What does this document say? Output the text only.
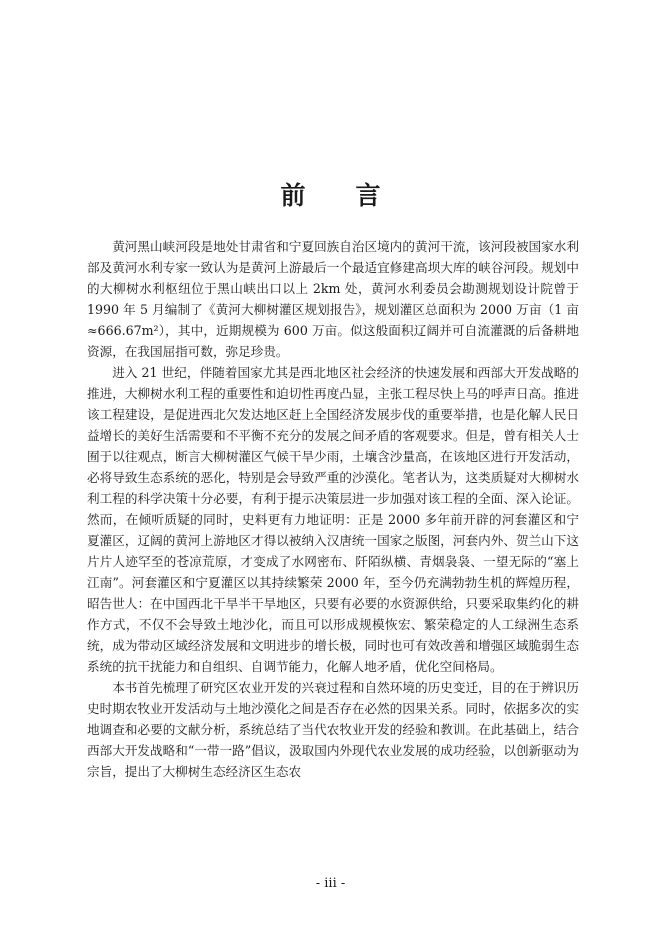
前言

黄河黑山峡河段是地处甘肃省和宁夏回族自治区境内的黄河干流，该河段被国家水利部及黄河水利专家一致认为是黄河上游最后一个最适宜修建高坝大库的峡谷河段。规划中的大柳树水利枢纽位于黑山峡出口以上 2km 处，黄河水利委员会勘测规划设计院曾于 1990 年 5 月编制了《黄河大柳树灌区规划报告》，规划灌区总面积为 2000 万亩（1 亩≈666.67m²），其中，近期规模为 600 万亩。似这般面积辽阔并可自流灌溉的后备耕地资源，在我国屈指可数，弥足珍贵。

进入 21 世纪，伴随着国家尤其是西北地区社会经济的快速发展和西部大开发战略的推进，大柳树水利工程的重要性和迫切性再度凸显，主张工程尽快上马的呼声日高。推进该工程建设，是促进西北欠发达地区赶上全国经济发展步伐的重要举措，也是化解人民日益增长的美好生活需要和不平衡不充分的发展之间矛盾的客观要求。但是，曾有相关人士囿于以往观点，断言大柳树灌区气候干旱少雨，土壤含沙量高，在该地区进行开发活动，必将导致生态系统的恶化，特别是会导致严重的沙漠化。笔者认为，这类质疑对大柳树水利工程的科学决策十分必要，有利于提示决策层进一步加强对该工程的全面、深入论证。然而，在倾听质疑的同时，史料更有力地证明：正是 2000 多年前开辟的河套灌区和宁夏灌区，辽阔的黄河上游地区才得以被纳入汉唐统一国家之版图，河套内外、贺兰山下这片片人迹罕至的苍凉荒原，才变成了水网密布、阡陌纵横、青烟袅袅、一望无际的“塞上江南”。河套灌区和宁夏灌区以其持续繁荣 2000 年，至今仍充满勃勃生机的辉煌历程，昭告世人：在中国西北干旱半干旱地区，只要有必要的水资源供给，只要采取集约化的耕作方式，不仅不会导致土地沙化，而且可以形成规模恢宏、繁荣稳定的人工绿洲生态系统，成为带动区域经济发展和文明进步的增长极，同时也可有效改善和增强区域脆弱生态系统的抗干扰能力和自组织、自调节能力，化解人地矛盾，优化空间格局。

本书首先梳理了研究区农业开发的兴衰过程和自然环境的历史变迁，目的在于辨识历史时期农牧业开发活动与土地沙漠化之间是否存在必然的因果关系。同时，依据多次的实地调查和必要的文献分析，系统总结了当代农牧业开发的经验和教训。在此基础上，结合西部大开发战略和“一带一路”倡议，汲取国内外现代农业发展的成功经验，以创新驱动为宗旨，提出了大柳树生态经济区生态农

- iii -
